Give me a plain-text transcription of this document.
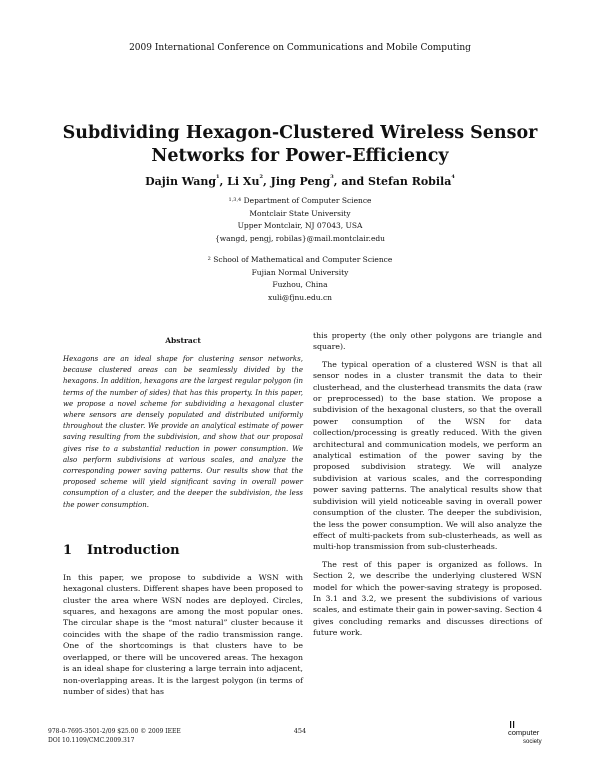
2009 International Conference on Communications and Mobile Computing
Subdividing Hexagon-Clustered Wireless Sensor
Networks for Power-Efficiency
Dajin Wang$^1$, Li Xu$^2$, Jing Peng$^3$, and Stefan Robila$^4$
$^{1,3,4}$ Department of Computer Science
Montclair State University
Upper Montclair, NJ 07043, USA
{wangd, pengj, robilas}@mail.montclair.edu
$^2$ School of Mathematical and Computer Science
Fujian Normal University
Fuzhou, China
xuli@fjnu.edu.cn
Abstract

Hexagons are an ideal shape for clustering sensor networks, because clustered areas can be seamlessly divided by the hexagons. In addition, hexagons are the largest regular polygon (in terms of the number of sides) that has this property. In this paper, we propose a novel scheme for subdividing a hexagonal cluster where sensors are densely populated and distributed uniformly throughout the cluster. We provide an analytical estimate of power saving resulting from the subdivision, and show that our proposal gives rise to a substantial reduction in power consumption. We also perform subdivisions at various scales, and analyze the corresponding power saving patterns. Our results show that the proposed scheme will yield significant saving in overall power consumption of a cluster, and the deeper the subdivision, the less the power consumption.

1 Introduction

In this paper, we propose to subdivide a WSN with hexagonal clusters. Different shapes have been proposed to cluster the area where WSN nodes are deployed. Circles, squares, and hexagons are among the most popular ones. The circular shape is the “most natural” cluster because it coincides with the shape of the radio transmission range. One of the shortcomings is that clusters have to be overlapped, or there will be uncovered areas. The hexagon is an ideal shape for clustering a large terrain into adjacent, non-overlapping areas. It is the largest polygon (in terms of number of sides) that has

this property (the only other polygons are triangle and square).

The typical operation of a clustered WSN is that all sensor nodes in a cluster transmit the data to their clusterhead, and the clusterhead transmits the data (raw or preprocessed) to the base station. We propose a subdivision of the hexagonal clusters, so that the overall power consumption of the WSN for data collection/processing is greatly reduced. With the given architectural and communication models, we perform an analytical estimation of the power saving by the proposed subdivision strategy. We will analyze subdivision at various scales, and the corresponding power saving patterns. The analytical results show that subdivision will yield noticeable saving in overall power consumption of the cluster. The deeper the subdivision, the less the power consumption. We will also analyze the effect of multi-packets from sub-clusterheads, as well as multi-hop transmission from sub-clusterheads.

The rest of this paper is organized as follows. In Section 2, we describe the underlying clustered WSN model for which the power-saving strategy is proposed. In 3.1 and 3.2, we present the subdivisions of various scales, and estimate their gain in power-saving. Section 4 gives concluding remarks and discusses directions of future work.

978-0-7695-3501-2/09 $25.00 © 2009 IEEE
DOI 10.1109/CMC.2009.317
454	computer
society
